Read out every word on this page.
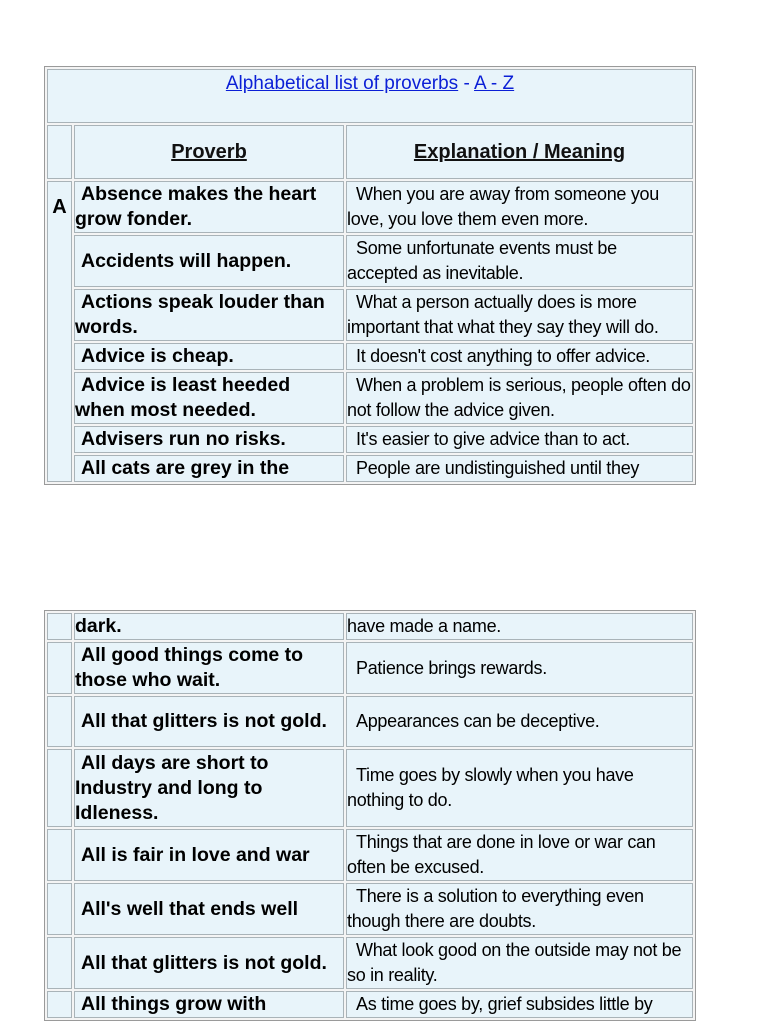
Alphabetical list of proverbs - A - Z		

	Proverb	Explanation / Meaning
A	Absence makes the heart grow fonder.	When you are away from someone you love, you love them even more.
	Accidents will happen.	Some unfortunate events must be accepted as inevitable.
	Actions speak louder than words.	What a person actually does is more important that what they say they will do.
	Advice is cheap.	It doesn't cost anything to offer advice.
	Advice is least heeded when most needed.	When a problem is serious, people often do not follow the advice given.
	Advisers run no risks.	It's easier to give advice than to act.
	All cats are grey in the	People are undistinguished until they
	dark.	have made a name.
	All good things come to those who wait.	Patience brings rewards.
	All that glitters is not gold.	Appearances can be deceptive.
	All days are short to Industry and long to Idleness.	Time goes by slowly when you have nothing to do.
	All is fair in love and war	Things that are done in love or war can often be excused.
	All's well that ends well	There is a solution to everything even though there are doubts.
	All that glitters is not gold.	What look good on the outside may not be so in reality.
	All things grow with	As time goes by, grief subsides little by
